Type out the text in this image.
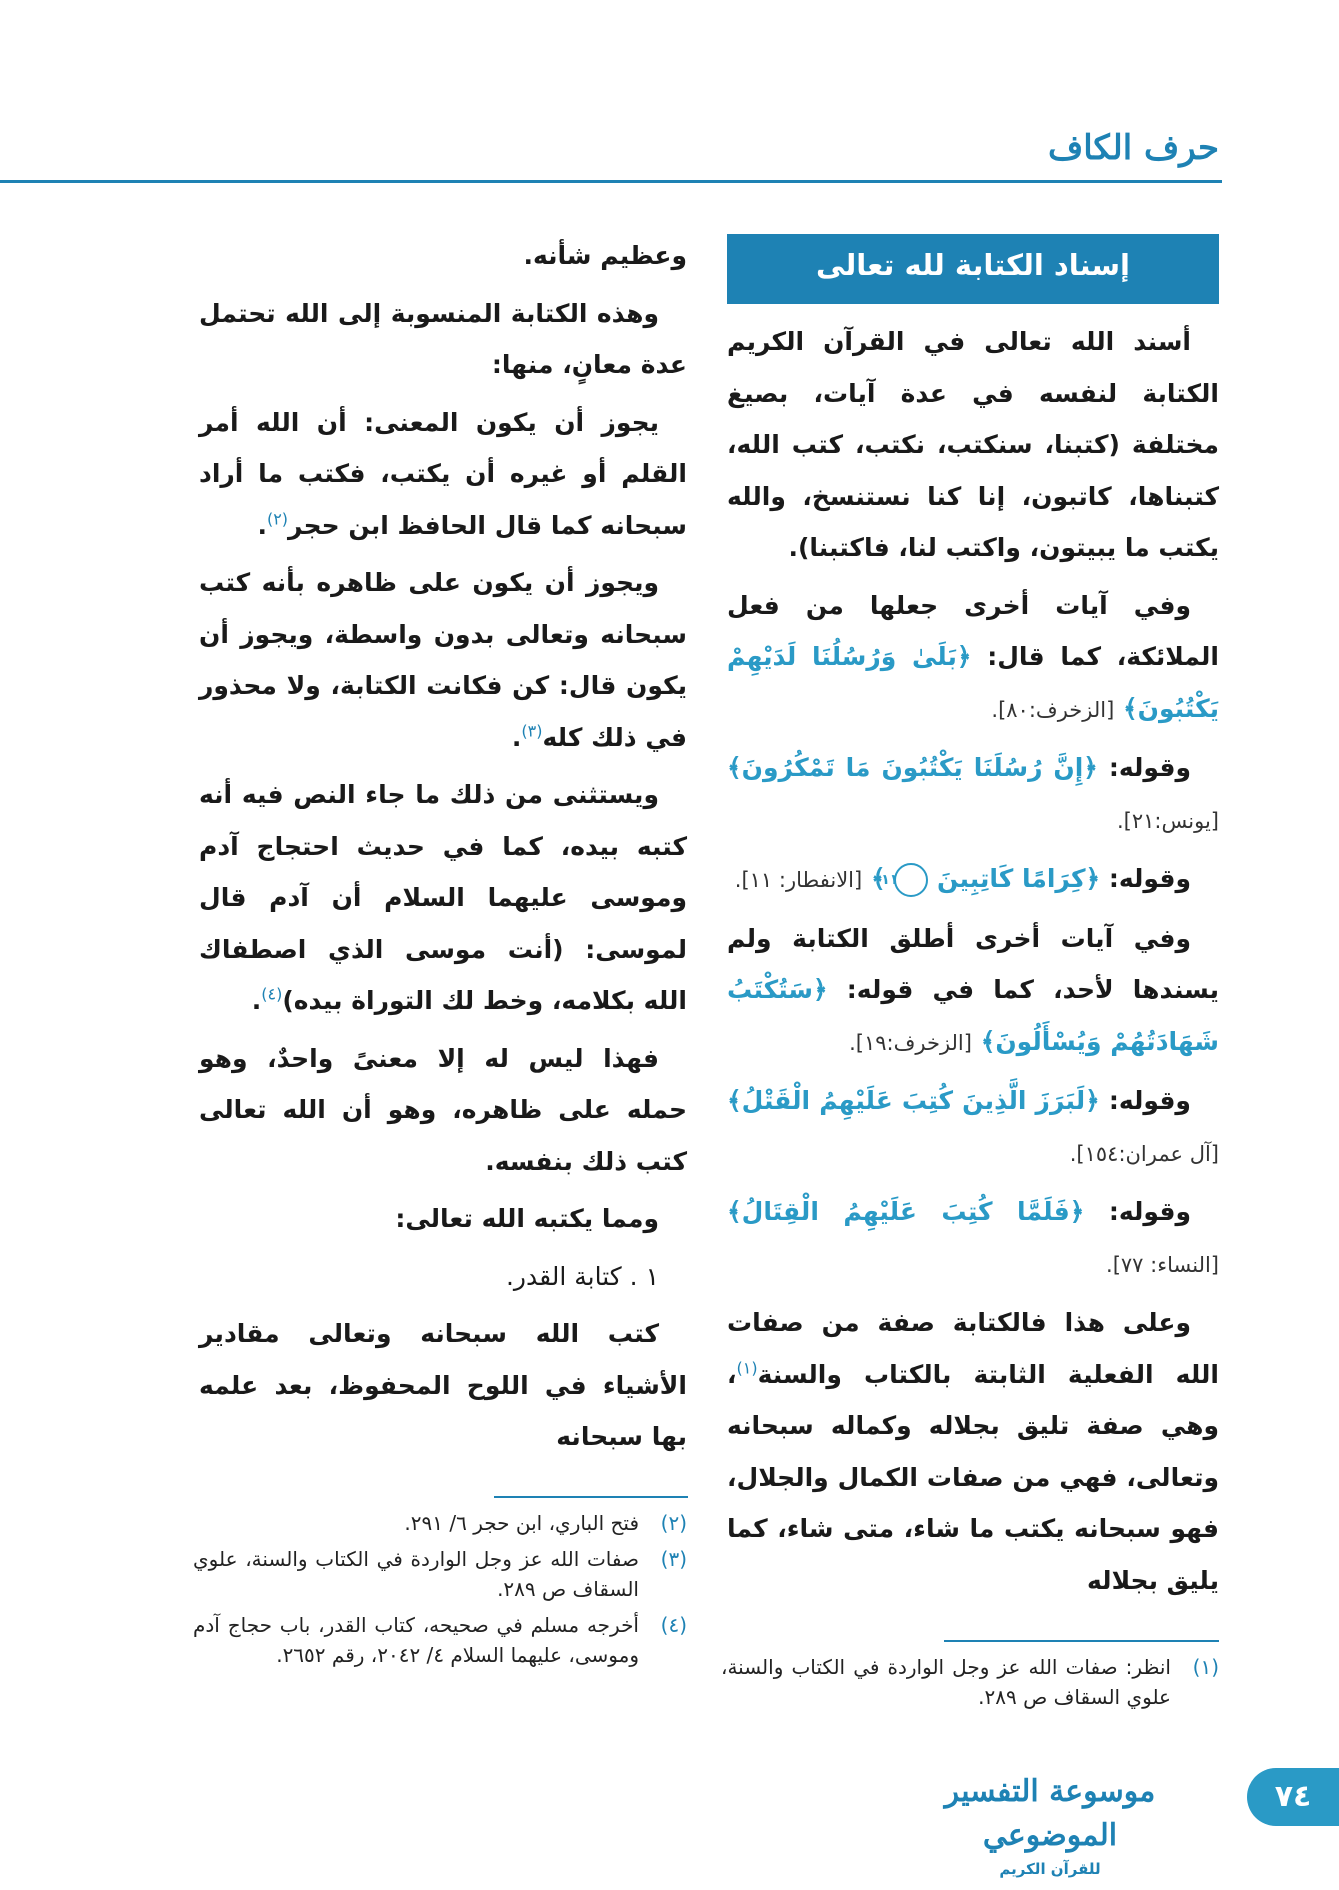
حرف الكاف
إسناد الكتابة لله تعالى

أسند الله تعالى في القرآن الكريم الكتابة لنفسه في عدة آيات، بصيغ مختلفة (كتبنا، سنكتب، نكتب، كتب الله، كتبناها، كاتبون، إنا كنا نستنسخ، والله يكتب ما يبيتون، واكتب لنا، فاكتبنا).

وفي آيات أخرى جعلها من فعل الملائكة، كما قال: ﴿بَلَىٰ وَرُسُلُنَا لَدَيْهِمْ يَكْتُبُونَ﴾ [الزخرف:٨٠].

وقوله: ﴿إِنَّ رُسُلَنَا يَكْتُبُونَ مَا تَمْكُرُونَ﴾ [يونس:٢١].

وقوله: ﴿كِرَامًا كَاتِبِينَ ١١ ﴾ [الانفطار: ١١].

وفي آيات أخرى أطلق الكتابة ولم يسندها لأحد، كما في قوله: ﴿سَتُكْتَبُ شَهَادَتُهُمْ وَيُسْأَلُونَ﴾ [الزخرف:١٩].

وقوله: ﴿لَبَرَزَ الَّذِينَ كُتِبَ عَلَيْهِمُ الْقَتْلُ﴾ [آل عمران:١٥٤].

وقوله: ﴿فَلَمَّا كُتِبَ عَلَيْهِمُ الْقِتَالُ﴾ [النساء: ٧٧].

وعلى هذا فالكتابة صفة من صفات الله الفعلية الثابتة بالكتاب والسنة$^{(١)}$، وهي صفة تليق بجلاله وكماله سبحانه وتعالى، فهي من صفات الكمال والجلال، فهو سبحانه يكتب ما شاء، متى شاء، كما يليق بجلاله

وعظيم شأنه.

وهذه الكتابة المنسوبة إلى الله تحتمل عدة معانٍ، منها:

يجوز أن يكون المعنى: أن الله أمر القلم أو غيره أن يكتب، فكتب ما أراد سبحانه كما قال الحافظ ابن حجر$^{(٢)}$.

ويجوز أن يكون على ظاهره بأنه كتب سبحانه وتعالى بدون واسطة، ويجوز أن يكون قال: كن فكانت الكتابة، ولا محذور في ذلك كله$^{(٣)}$.

ويستثنى من ذلك ما جاء النص فيه أنه كتبه بيده، كما في حديث احتجاج آدم وموسى عليهما السلام أن آدم قال لموسى: (أنت موسى الذي اصطفاك الله بكلامه، وخط لك التوراة بيده)$^{(٤)}$.

فهذا ليس له إلا معنىً واحدٌ، وهو حمله على ظاهره، وهو أن الله تعالى كتب ذلك بنفسه.

ومما يكتبه الله تعالى:

١ . كتابة القدر.

كتب الله سبحانه وتعالى مقادير الأشياء في اللوح المحفوظ، بعد علمه بها سبحانه

(٢)
فتح الباري، ابن حجر ٦/ ٢٩١.
(٣)
صفات الله عز وجل الواردة في الكتاب والسنة، علوي السقاف ص ٢٨٩.
(٤)
أخرجه مسلم في صحيحه، كتاب القدر، باب حجاج آدم وموسى، عليهما السلام ٤/ ٢٠٤٢، رقم ٢٦٥٢.	(١)
انظر: صفات الله عز وجل الواردة في الكتاب والسنة، علوي السقاف ص ٢٨٩.
٧٤
موسوعة التفسير الموضوعي
للقرآن الكريم
